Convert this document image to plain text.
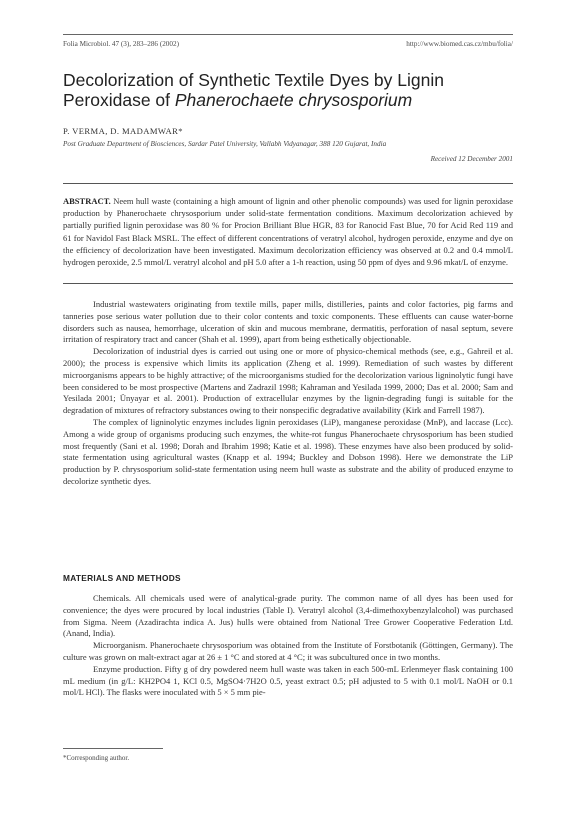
Folia Microbiol. 47 (3), 283–286 (2002)	http://www.biomed.cas.cz/mbu/folia/
Decolorization of Synthetic Textile Dyes by Lignin
Peroxidase of Phanerochaete chrysosporium
P. VERMA, D. MADAMWAR*
Post Graduate Department of Biosciences, Sardar Patel University, Vallabh Vidyanagar, 388 120 Gujarat, India
Received 12 December 2001
ABSTRACT. Neem hull waste (containing a high amount of lignin and other phenolic compounds) was used for lignin peroxidase production by Phanerochaete chrysosporium under solid-state fermentation conditions. Maximum decolorization achieved by partially purified lignin peroxidase was 80 % for Procion Brilliant Blue HGR, 83 for Ranocid Fast Blue, 70 for Acid Red 119 and 61 for Navidol Fast Black MSRL. The effect of different concentrations of veratryl alcohol, hydrogen peroxide, enzyme and dye on the efficiency of decolorization have been investigated. Maximum decolorization efficiency was observed at 0.2 and 0.4 mmol/L hydrogen peroxide, 2.5 mmol/L veratryl alcohol and pH 5.0 after a 1-h reaction, using 50 ppm of dyes and 9.96 mkat/L of enzyme.

Industrial wastewaters originating from textile mills, paper mills, distilleries, paints and color factories, pig farms and tanneries pose serious water pollution due to their color contents and toxic components. These effluents can cause water-borne disorders such as nausea, hemorrhage, ulceration of skin and mucous membrane, dermatitis, perforation of nasal septum, severe irritation of respiratory tract and cancer (Shah et al. 1999), apart from being esthetically objectionable.

Decolorization of industrial dyes is carried out using one or more of physico-chemical methods (see, e.g., Gahreil et al. 2000); the process is expensive which limits its application (Zheng et al. 1999). Remediation of such wastes by different microorganisms appears to be highly attractive; of the microorganisms studied for the decolorization various ligninolytic fungi have been considered to be most prospective (Martens and Zadrazil 1998; Kahraman and Yesilada 1999, 2000; Das et al. 2000; Sam and Yesilada 2001; Ünyayar et al. 2001). Production of extracellular enzymes by the lignin-degrading fungi is suitable for the degradation of mixtures of refractory substances owing to their nonspecific degradative availability (Kirk and Farrell 1987).

The complex of ligninolytic enzymes includes lignin peroxidases (LiP), manganese peroxidase (MnP), and laccase (Lcc). Among a wide group of organisms producing such enzymes, the white-rot fungus Phanerochaete chrysosporium has been studied most frequently (Sani et al. 1998; Dorah and Ibrahim 1998; Katie et al. 1998). These enzymes have also been produced by solid-state fermentation using agricultural wastes (Knapp et al. 1994; Buckley and Dobson 1998). Here we demonstrate the LiP production by P. chrysosporium solid-state fermentation using neem hull waste as substrate and the ability of produced enzyme to decolorize synthetic dyes.

MATERIALS AND METHODS

Chemicals. All chemicals used were of analytical-grade purity. The common name of all dyes has been used for convenience; the dyes were procured by local industries (Table I). Veratryl alcohol (3,4-dimethoxybenzylalcohol) was purchased from Sigma. Neem (Azadirachta indica A. Jus) hulls were obtained from National Tree Grower Cooperative Federation Ltd. (Anand, India).

Microorganism. Phanerochaete chrysosporium was obtained from the Institute of Forstbotanik (Göttingen, Germany). The culture was grown on malt-extract agar at 26 ± 1 °C and stored at 4 °C; it was subcultured once in two months.

Enzyme production. Fifty g of dry powdered neem hull waste was taken in each 500-mL Erlenmeyer flask containing 100 mL medium (in g/L: KH2PO4 1, KCl 0.5, MgSO4·7H2O 0.5, yeast extract 0.5; pH adjusted to 5 with 0.1 mol/L NaOH or 0.1 mol/L HCl). The flasks were inoculated with 5 × 5 mm pie-

*Corresponding author.
